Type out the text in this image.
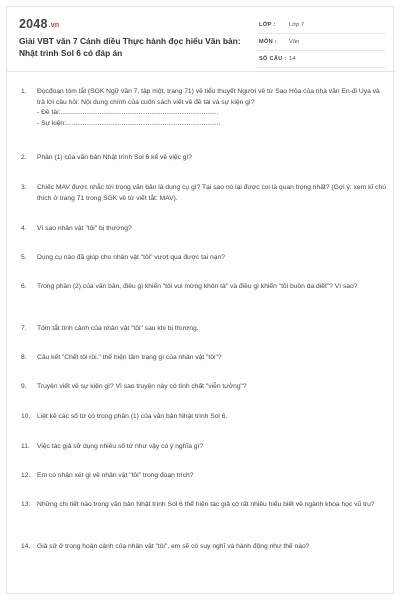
2048.vn
Giải VBT văn 7 Cánh diều Thực hành đọc hiểu Văn bản: Nhật trình Sol 6 có đáp án
LỚP : Lớp 7
MÔN : Văn
SỐ CÂU : 14
1. Đọcđoạn tóm tắt (SGK Ngữ văn 7, tập một, trang 71) về tiểu thuyết Người về từ Sao Hỏa của nhà văn En-đi Uya và trả lời câu hỏi: Nội dung chính của cuốn sách viết về đề tài và sự kiện gì?
- Đề tài:.....................................................................................
- Sự kiện:...................................................................................
2. Phần (1) của văn bản Nhật trình Sol 6 kể về việc gì?
3. Chiếc MAV được nhắc tới trong văn bản là dụng cụ gì? Tại sao nó lại được coi là quan trọng nhất? (Gợi ý: xem kĩ chú thích ở trang 71 trong SGK về từ viết tắt: MAV).
4. Vì sao nhân vật "tôi" bị thương?
5. Dụng cụ nào đã giúp cho nhân vật "tôi" vượt qua được tai nạn?
6. Trong phần (2) của văn bản, điều gì khiến "tôi vui mừng khôn tả" và điều gì khiến "tôi buồn da diết"? Vì sao?
7. Tóm tắt tình cảnh của nhân vật "tôi" sau khi bị thương.
8. Câu kết "Chết tôi rồi." thể hiện tâm trạng gì của nhân vật "tôi"?
9. Truyện viết về sự kiện gì? Vì sao truyện này có tính chất "viễn tưởng"?
10. Liệt kê các số từ có trong phần (1) của văn bản Nhật trình Sol 6.
11. Việc tác giả sử dụng nhiều số từ như vậy có ý nghĩa gì?
12. Em có nhận xét gì về nhân vật "tôi" trong đoạn trích?
13. Những chi tiết nào trong văn bản Nhật trình Sol 6 thể hiện tác giả có rất nhiều hiểu biết về ngành khoa học vũ trụ?
14. Giả sử ở trong hoàn cảnh của nhân vật "tôi", em sẽ có suy nghĩ và hành động như thế nào?
